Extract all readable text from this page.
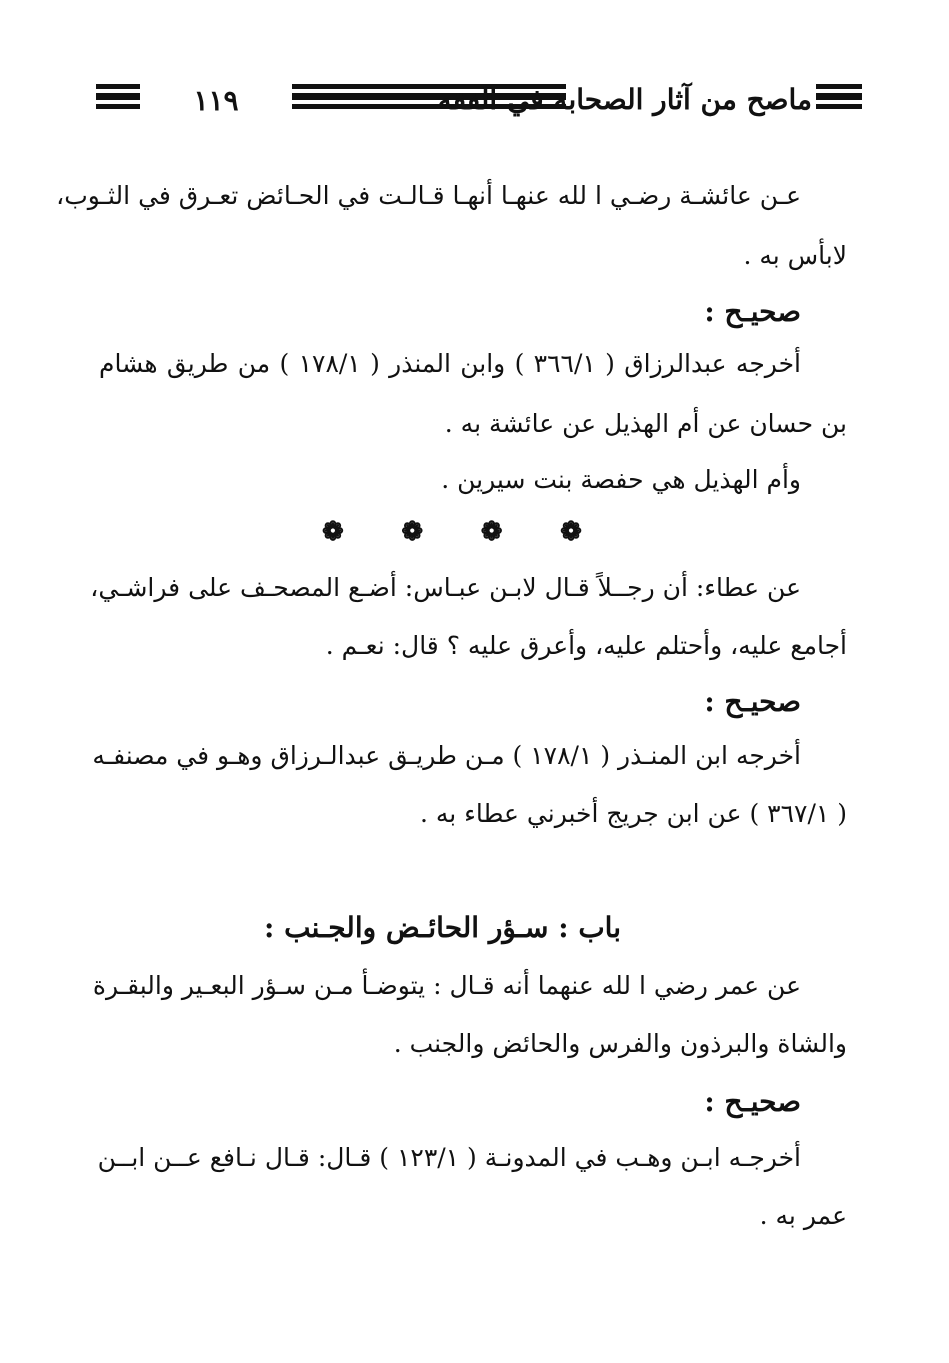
١١٩	ماصح من آثار الصحابة في الفقه
عـن عائشـة رضـي ا لله عنهـا أنهـا قـالـت في الحـائض تعـرق في الثـوب،
لابأس به .
صحيـح :
أخرجه عبدالرزاق ( ٣٦٦/١ ) وابن المنذر ( ١٧٨/١ ) من طريق هشام
بن حسان عن أم الهذيل عن عائشة به .
وأم الهذيل هي حفصة بنت سيرين .
❁ ❁ ❁ ❁
عن عطاء: أن رجــلاً قـال لابـن عبـاس: أضـع المصحـف على فراشـي،
أجامع عليه، وأحتلم عليه، وأعرق عليه ؟ قال: نعـم .
صحيـح :
أخرجه ابن المنـذر ( ١٧٨/١ ) مـن طريـق عبدالـرزاق وهـو في مصنفـه
( ٣٦٧/١ ) عن ابن جريج أخبرني عطاء به .
باب : سـؤر الحائـض والجـنب :
عن عمر رضي ا لله عنهما أنه قـال : يتوضـأ مـن سـؤر البعـير والبقـرة
والشاة والبرذون والفرس والحائض والجنب .
صحيـح :
أخرجـه ابـن وهـب في المدونـة ( ١٢٣/١ ) قـال: قـال نـافع عــن ابــن
عمر به .
